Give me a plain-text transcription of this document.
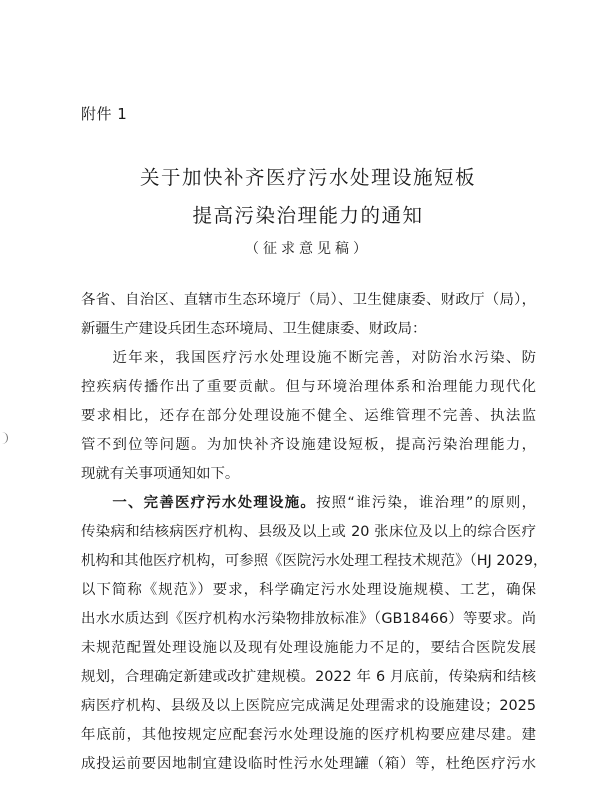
附件 1
关于加快补齐医疗污水处理设施短板
提高污染治理能力的通知
（征求意见稿）
各省、自治区、直辖市生态环境厅（局）、卫生健康委、财政厅（局），
新疆生产建设兵团生态环境局、卫生健康委、财政局：
　　近年来，我国医疗污水处理设施不断完善，对防治水污染、防
控疾病传播作出了重要贡献。但与环境治理体系和治理能力现代化
要求相比，还存在部分处理设施不健全、运维管理不完善、执法监
管不到位等问题。为加快补齐设施建设短板，提高污染治理能力，
现就有关事项通知如下。
　　一、完善医疗污水处理设施。按照“谁污染，谁治理”的原则，
传染病和结核病医疗机构、县级及以上或 20 张床位及以上的综合医疗
机构和其他医疗机构，可参照《医院污水处理工程技术规范》（HJ 2029，
以下简称《规范》）要求，科学确定污水处理设施规模、工艺，确保
出水水质达到《医疗机构水污染物排放标准》（GB18466）等要求。尚
未规范配置处理设施以及现有处理设施能力不足的，要结合医院发展
规划，合理确定新建或改扩建规模。2022 年 6 月底前，传染病和结核
病医疗机构、县级及以上医院应完成满足处理需求的设施建设；2025
年底前，其他按规定应配套污水处理设施的医疗机构要应建尽建。建
成投运前要因地制宜建设临时性污水处理罐（箱）等，杜绝医疗污水
